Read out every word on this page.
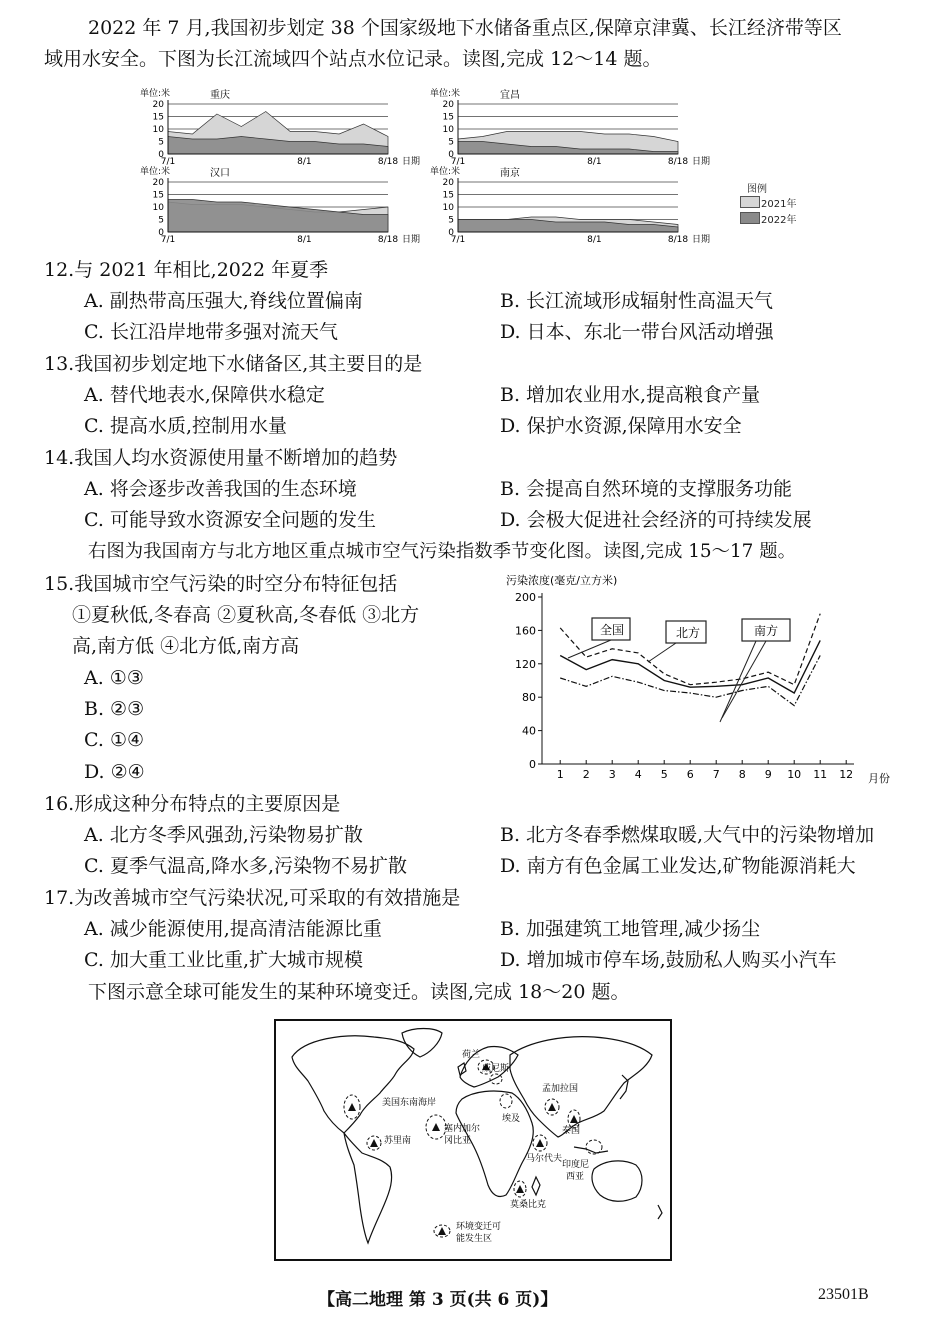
2022 年 7 月,我国初步划定 38 个国家级地下水储备重点区,保障京津冀、长江经济带等区
域用水安全。下图为长江流域四个站点水位记录。读图,完成 12～14 题。
0
5
10
15
20
7/1	8/1	8/18 日期
单位:米	重庆
0
5
10
15
20
7/1	8/1	8/18 日期
单位:米	宜昌
0
5
10
15
20
7/1	8/1	8/18 日期
单位:米	汉口
0
5
10
15
20
7/1	8/1	8/18 日期
单位:米	南京
图例
2021年
2022年
12.与 2021 年相比,2022 年夏季
A. 副热带高压强大,脊线位置偏南	B. 长江流域形成辐射性高温天气
C. 长江沿岸地带多强对流天气	D. 日本、东北一带台风活动增强
13.我国初步划定地下水储备区,其主要目的是
A. 替代地表水,保障供水稳定	B. 增加农业用水,提高粮食产量
C. 提高水质,控制用水量	D. 保护水资源,保障用水安全
14.我国人均水资源使用量不断增加的趋势
A. 将会逐步改善我国的生态环境	B. 会提高自然环境的支撑服务功能
C. 可能导致水资源安全问题的发生	D. 会极大促进社会经济的可持续发展
右图为我国南方与北方地区重点城市空气污染指数季节变化图。读图,完成 15～17 题。
15.我国城市空气污染的时空分布特征包括
①夏秋低,冬春高 ②夏秋高,冬春低 ③北方
高,南方低 ④北方低,南方高
A. ①③
B. ②③
C. ①④
D. ②④
污染浓度(毫克/立方米)
月份
0
40
80
120
160
200
1 2 3 4 5 6 7 8 9 10 11 12
全国	北方	南方
16.形成这种分布特点的主要原因是
A. 北方冬季风强劲,污染物易扩散	B. 北方冬春季燃煤取暖,大气中的污染物增加
C. 夏季气温高,降水多,污染物不易扩散	D. 南方有色金属工业发达,矿物能源消耗大
17.为改善城市空气污染状况,可采取的有效措施是
A. 减少能源使用,提高清洁能源比重	B. 加强建筑工地管理,减少扬尘
C. 加大重工业比重,扩大城市规模	D. 增加城市停车场,鼓励私人购买小汽车
下图示意全球可能发生的某种环境变迁。读图,完成 18～20 题。
荷兰
威尼斯
美国东南海岸
孟加拉国
埃及
泰国
苏里南
塞内加尔
冈比亚
马尔代夫
印度尼
西亚
莫桑比克
环境变迁可
能发生区
【高二地理 第 3 页(共 6 页)】	23501B
